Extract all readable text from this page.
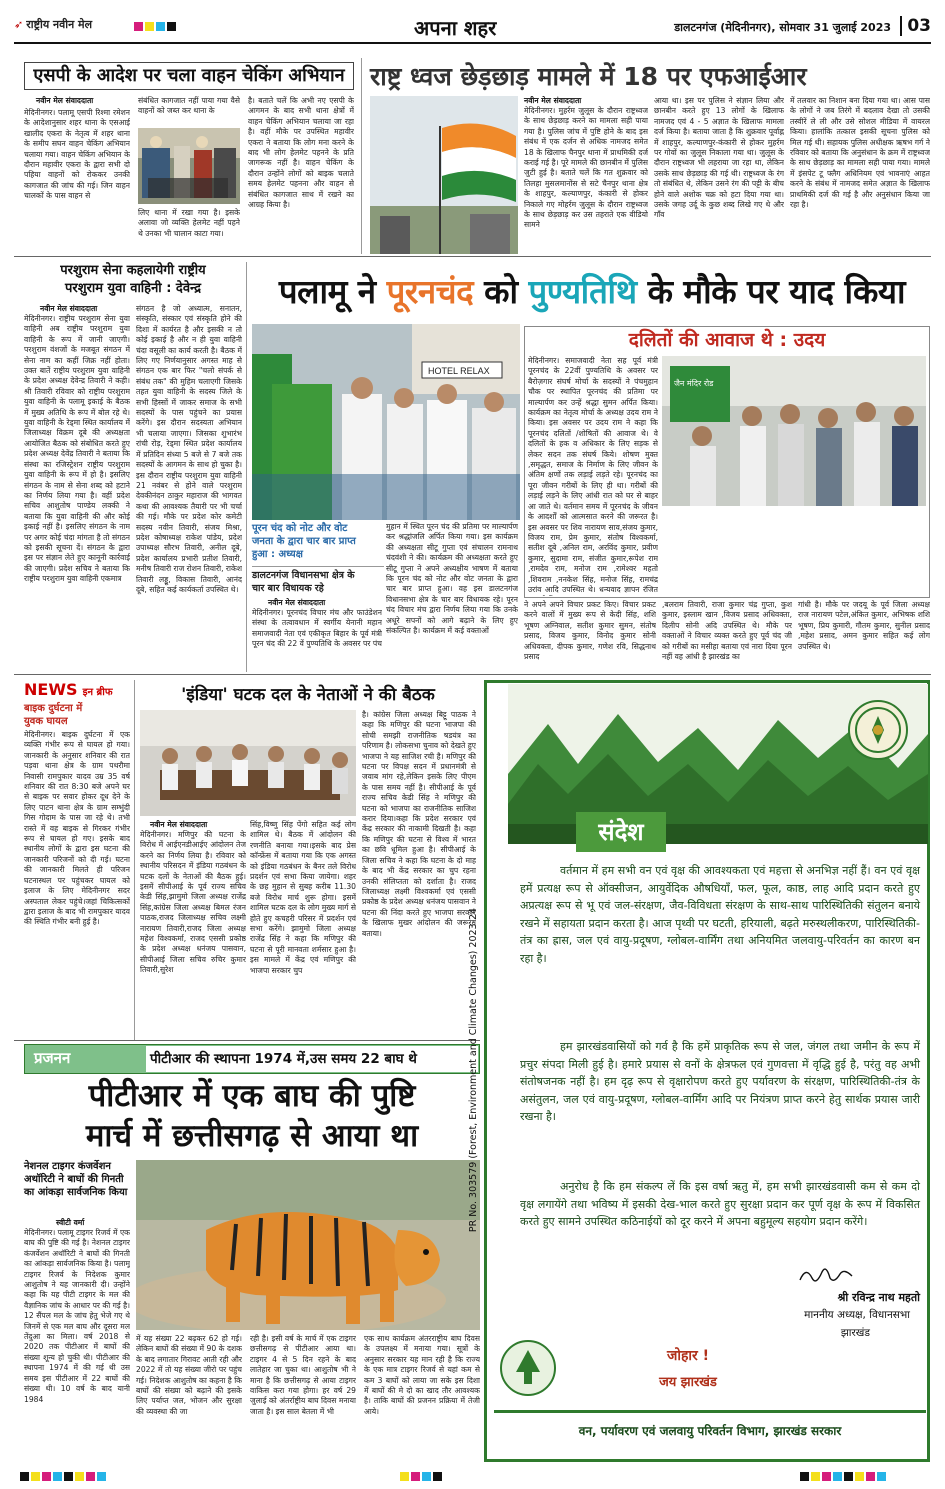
➶ राष्ट्रीय नवीन मेल	अपना शहर	डालटनगंज (मेदिनीनगर), सोमवार 31 जुलाई 2023 03
एसपी के आदेश पर चला वाहन चेकिंग अभियान
नवीन मेल संवाददाता
मेदिनीनगर। पलामू एसपी रिश्मा रमेशन के आदेशानुसार शहर थाना के एसआई खालीद एकरा के नेतृत्व में शहर थाना के समीप सघन वाहन चेकिंग अभियान चलाया गया। वाहन चेकिंग अभियान के दौरान महावीर एकरा के द्वारा सभी दो पहिया वाहनों को रोककर उनकी कागजात की जांच की गई। जिन वाहन चालकों के पास वाहन से
संबंधित कागजात नहीं पाया गया वैसे वाहनों को जब्त कर थाना के
लिए थाना में रखा गया है। इसके अलावा जो व्यक्ति हेलमेट नहीं पहने थे उनका भी चालान काटा गया।
है। बताते चलें कि अभी नए एसपी के आगमन के बाद सभी थाना क्षेत्रों में वाहन चेकिंग अभियान चलाया जा रहा है। वहीं मौके पर उपस्थित महावीर एकरा ने बताया कि लोग मना करने के बाद भी लोग हेलमेट पहनने के प्रति जागरूक नहीं है। वाहन चेकिंग के दौरान उन्होंने लोगों को बाइक चलाते समय हेलमेट पहनना और वाहन से संबंधित कागजात साथ में रखने का आग्रह किया है।
राष्ट्र ध्वज छेड़छाड़ मामले में 18 पर एफआईआर
नवीन मेल संवाददाता
मेदिनीनगर। मुहर्रम जुलूस के दौरान राष्ट्रध्वज के साथ छेड़छाड़ करने का मामला सही पाया गया है। पुलिस जांच में पुष्टि होने के बाद इस संबंध में एक दर्जन से अधिक नामजद समेत 18 के खिलाफ चैनपुर थाना में प्राथमिकी दर्ज कराई गई है। पूरे मामले की छानबीन में पुलिस जुटी हुई है। बताते चलें कि गत शुक्रवार को तिलहा मुसलमानोंस से सटे चैनपुर थाना क्षेत्र के शाहपुर, कल्याणपुर, कंकारी से होकर निकाले गए मोहर्रम जुलूस के दौरान राष्ट्रध्वज के साथ छेड़छाड़ कर उस तहराते एक वीडियो सामने
आया था। इस पर पुलिस ने संज्ञान लिया और छानबीन करते हुए 13 लोगों के खिलाफ नामजद एवं 4 - 5 अज्ञात के खिलाफ मामला दर्ज किया है। बताया जाता है कि शुक्रवार पूर्वाह्न में शाहपुर, कल्याणपुर-कंकारी से होकर मुहर्रम पर गोवों का जुलूस निकाला गया था। जुलूस के दौरान राष्ट्रध्वज भी लहराया जा रहा था, लेकिन उसके साथ छेड़छाड़ की गई थी। राष्ट्रध्वज के रंग तो संबंधित थे, लेकिन उसने रंग की पट्टी के बीच होने वाले अशोक चक्र को हटा दिया गया था। उसके जगह उर्दू के कुछ शब्द लिखे गए थे और गाँव
में तलवार का निशान बना दिया गया था। आस पास के लोगों ने जब तिरंगे में बदलाव देखा तो उसकी तस्वीरें ले ली और उसे सोशल मीडिया में वायरल किया। हालांकि तत्काल इसकी सूचना पुलिस को मिल गई थी। सहायक पुलिस अधीक्षक ऋषभ गर्ग ने रविवार को बताया कि अनुसंधान के क्रम में राष्ट्रध्वज के साथ छेड़छाड़ का मामला सही पाया गया। मामले में इंसपेट टू फ्लैग अधिनियम एवं भावनाएं आहत करने के संबंध में नामजद समेत अज्ञात के खिलाफ प्राथमिकी दर्ज की गई है और अनुसंधान किया जा रहा है।
परशुराम सेना कहलायेगी राष्ट्रीय
परशुराम युवा वाहिनी : देवेन्द्र
नवीन मेल संवाददाता
मेदिनीनगर। राष्ट्रीय परशुराम सेना युवा वाहिनी अब राष्ट्रीय परशुराम युवा वाहिनी के रूप में जानी जाएगी। परशुराम वंशजों के मजबूत संगठन में सेना नाम का कहीं जिक्र नहीं होता। उक्त बातें राष्ट्रीय परशुराम युवा वाहिनी के प्रदेश अध्यक्ष देवेन्द्र तिवारी ने कही। श्री तिवारी रविवार को राष्ट्रीय परशुराम युवा वाहिनी के पलामू इकाई के बैठक में मुख्य अतिथि के रूप में बोल रहे थे। युवा वाहिनी के रेड्मा स्थित कार्यालय में जिलाध्यक्ष विक्रम दूबे की अध्यक्षता आयोजित बैठक को संबोधित करते हुए प्रदेश अध्यक्ष देवेंद्र तिवारी ने बताया कि संस्था का रजिस्ट्रेशन राष्ट्रीय परशुराम युवा वाहिनी के रूप में हो है। इसलिए संगठन के नाम से सेना शब्द को हटाने का निर्णय लिया गया है। वहीं प्रदेश सचिव आशुतोष पाण्डेय लक्की ने बताया कि युवा वाहिनी की और कोई इकाई नहीं है। इसलिए संगठन के नाम पर अगर कोई चंदा मांगता है तो संगठन को इसकी सूचना दें। संगठन के द्वारा इस पर संज्ञान लेते हुए कानूनी कार्रवाई की जाएगी। प्रदेश सचिव ने बताया कि राष्ट्रीय परशुराम युवा वाहिनी एकमात्र
संगठन है जो अध्यात्म, सनातन, संस्कृति, संस्कार एवं संस्कृति होने की दिशा में कार्यरत है और इसकी न तो कोई इकाई है और न ही युवा वाहिनी चंदा वसूली का कार्य करती है। बैठक में लिए गए निर्णयानुसार अगस्त माह से संगठन एक बार फिर "चलो संपर्क से संबंध तक" की मुहिम चलाएगी जिसके तहत युवा वाहिनी के सदस्य जिले के सभी हिस्सों में जाकर समाज के सभी सदस्यों के पास पहुंचने का प्रयास करेंगे। इस दौरान सदस्यता अभियान भी चलाया जाएगा। जिसका शुभारंभ रांची रोड़, रेड्मा स्थित प्रदेश कार्यालय में प्रतिदिन संध्या 5 बजे से 7 बजे तक सदस्यों के आगमन के साथ हो चुका है। इस दौरान राष्ट्रीय परशुराम युवा वाहिनी 21 नवंबर से होने वाले परशुराम देवकीनंदन ठाकुर महाराज की भागवत कथा की आवश्यक तैयारी पर भी चर्चा की गई। मौके पर प्रदेश कोर कमेटी सदस्य नवीन तिवारी, संजय मिश्रा, प्रदेश कोषाध्यक्ष राकेश पांडेय, प्रदेश उपाध्यक्ष सौरभ तिवारी, अनील दूबे, प्रदेश कार्यालय प्रभारी प्रतीश तिवारी, मनीष तिवारी राज रोशन तिवारी, राकेश तिवारी लड्डू, विकास तिवारी, आनंद दूबे, सहित कई कार्यकर्ता उपस्थित थे।
पलामू ने पूरनचंद को पुण्यतिथि के मौके पर याद किया
HOTEL RELAX
पूरन चंद को नोट और वोट
जनता के द्वारा चार बार प्राप्त
हुआ : अध्यक्ष
डालटनगंज विधानसभा क्षेत्र के
चार बार विधायक रहे
नवीन मेल संवाददाता
मेदिनीनगर। पूरनचंद विचार मंच और फाउंडेशन संस्था के तत्वावधान में स्वर्गीय येनानी महान समाजवादी नेता एवं एकीकृत बिहार के पूर्व मंत्री पूरन चंद की 22 वें पुण्यतिथि के अवसर पर पंच
मुहान में स्थित पूरन चंद की प्रतिमा पर माल्यार्पण कर श्रद्धांजलि अर्पित किया गया। इस कार्यक्रम की अध्यक्षता सीटू गुप्ता एवं संचालन रामनाथ चंदवंशी ने की। कार्यक्रम की अध्यक्षता करते हुए सीटू गुप्ता ने अपने अध्यक्षीय भाषण में बताया कि पूरन चंद को नोट और वोट जनता के द्वारा चार बार प्राप्त हुआ। वह इस डालटनगंज विधानसभा क्षेत्र के चार बार विधायक रहे। पूरन चंद विचार मंच द्वारा निर्णय लिया गया कि उनके अधूरे सपनों को आगे बढ़ाने के लिए हुए संकल्पित है। कार्यक्रम में कई वक्ताओं
ने अपने अपने विचार प्रकट किए। विचार प्रकट करने वालों में मुख्य रूप से केदी सिंह, शशि भूषण अग्निवाल, सतीश कुमार सुमन, संतोष प्रसाद, विजय कुमार, विनोद कुमार सोनी अधिवक्ता, दीपक कुमार, गणेश रवि, सिद्धनाथ प्रसाद
,बलराम तिवारी, राजा कुमार चंद्र गुप्ता, कुश कुमार, इस्लाम खान ,विजय प्रसाद अधिवक्ता, दिलीप सोनी अदि उपस्थित थे। मौके पर वक्ताओं ने विचार व्यक्त करते हुए पूर्व चंद जी को गरीबों का मसीहा बताया एवं नारा दिया पूरन नहीं वह आंधी है झारखंड का
गांधी है। मौके पर जदयू के पूर्व जिला अध्यक्ष राज नारायण पटेल,अंकित कुमार, अभिषक शशि भूषण, प्रिय कुमारी, गौतम कुमार, सुनील प्रसाद ,महेश प्रसाद, अमन कुमार सहित कई लोग उपस्थित थे।
दलितों की आवाज थे : उदय
मेदिनीनगर। समाजवादी नेता सह पूर्व मंत्री पूरनचंद के 22वीं पुण्यतिथि के अवसर पर बैरोज़गार संघर्ष मोर्चा के सदस्यों ने पंचमुहान चौक पर स्थापित पूरनचंद की प्रतिमा पर माल्यार्पण कर उन्हें श्रद्धा सुमन अर्पित किया। कार्यक्रम का नेतृत्व मोर्चा के अध्यक्ष उदय राम ने किया। इस अवसर पर उदय राम ने कहा कि पूरनचंद दलितों /शोषितों की आवाज थे। वे दलितों के हक व अधिकार के लिए सड़क से लेकर सदन तक संघर्ष किये। शोषण मुक्त ,समृद्धत, समाज के निर्माण के लिए जीवन के अंतिम क्षणों तक लड़ाई लड़ते रहे। पूरनचंद का पूरा जीवन गरीबों के लिए ही था। गरीबों की लड़ाई लड़ने के लिए आंधी रात को घर से बाहर आ जाते थे। वर्तमान समय में पूरनचंद के जीवन के आदर्शों को आत्मसात करने की जरूरत है। इस अवसर पर शिव नारायण साव,संजय कुमार, विजय राम, प्रेम कुमार, संतोष विश्वकर्मा, सतीश दूबे ,अनिल राम, अरविंद कुमार, प्रवीण कुमार, सुदामा राम, संजीत कुमार,रूपेश राम ,रामदेव राम, मनोज राम ,रामेश्वर महतो ,शिवराम ,ननकेश सिंह, मनोज सिंह, रामचंद्र उरांव आदि उपस्थित थे। धन्यवाद ज्ञापन रंजित
जैन मंदिर रोड
NEWS इन ब्रीफ
बाइक दुर्घटना में
युवक घायल
मेदिनीनगर। बाइक दुर्घटना में एक व्यक्ति गंभीर रूप से घायल हो गया। जानकारी के अनुसार शनिवार की रात पड़वा थाना क्षेत्र के ग्राम पथरौमा निवासी रामपुकार यादव उम्र 35 वर्ष शनिवार की रात 8:30 बजे अपने घर से बाइक पर सवार होकर दूध देने के लिए पाटन थाना क्षेत्र के ग्राम सम्भुंदी गिस गोदाम के पास जा रहे थे। तभी रास्ते में वह बाइक से गिरकर गंभीर रूप से घायल हो गए। इसके बाद स्थानीय लोगों के द्वारा इस घटना की जानकारी परिजनों को दी गई। घटना की जानकारी मिलते ही परिजन घटनास्थल पर पहुंचकर घायल को इलाज के लिए मेदिनीनगर सदर अस्पताल लेकर पहुंचे।जहां चिकित्सकों द्वारा इलाज के बाद भी रामपुकार यादव की स्थिति गंभीर बनी हुई है।
'इंडिया' घटक दल के नेताओं ने की बैठक
नवीन मेल संवाददाता
मेदिनीनगर। मणिपुर की घटना के विरोध में आईएनडीआईए आंदोलन तेज करने का निर्णय लिया है। रविवार को स्थानीय परिसदन में इंडिया गठबंधन के घटक दलों के नेताओं की बैठक हुई। इसमें सीपीआई के पूर्व राज्य सचिव केडी सिंह,झामुमो जिला अध्यक्ष राजेंद्र सिंह,कांग्रेस जिला अध्यक्ष बिमल रंजन पाठक,राजद जिलाध्यक्ष सचिव लक्ष्मी नारायण तिवारी,राजद जिला अध्यक्ष महेश विश्वकर्मा, राजद एससी प्रकोष्ठ के प्रदेश अध्यक्ष धनंजय पासवान, सीपीआई जिला सचिव रुचिर कुमार तिवारी,सुरेश
सिंह,विष्णु सिंह पेंगो सहित कई लोग शामिल थे। बैठक में आंदोलन की रणनीति बनाया गया।इसके बाद प्रेस कॉन्फ्रेंस में बताया गया कि एक अगस्त को इंडिया गठबंधन के बैनर तले विरोध प्रदर्शन एवं सभा किया जायेगा। शहर के छह मुहान से सुबह करीब 11.30 बजे विरोध मार्च शुरू होगा। इसमें शामिल घटक दल के लोग मुख्य मार्ग से होते हुए कचहरी परिसर में प्रदर्शन एवं सभा करेंगे। झामुमो जिला अध्यक्ष राजेंद्र सिंह ने कहा कि मणिपुर की घटना से पूरी मानवता शर्मसार हुआ है। इस मामले में केंद्र एवं मणिपुर की भाजपा सरकार चुप
है। कांग्रेस जिला अध्यक्ष बिट्टू पाठक ने कहा कि मणिपुर की घटना भाजपा की सोची समझी राजनीतिक षडयंत्र का परिणाम है। लोकसभा चुनाव को देखते हुए भाजपा ने यह साजिश रची है। मणिपुर की घटना पर विपक्ष सदन में प्रधानमंत्री से जवाब मांग रहे,लेकिन इसके लिए पीएम के पास समय नहीं है। सीपीआई के पूर्व राज्य सचिव केडी सिंह ने मणिपुर की घटना को भाजपा का राजनीतिक साजिश करार दिया।कहा कि प्रदेश सरकार एवं केंद्र सरकार की नाकामी दिखती है। कहा कि मणिपुर की घटना से विश्व में भारत का छवि धूमिल हुआ है। सीपीआई के जिला सचिव ने कहा कि घटना के दो माह के बाद भी केंद्र सरकार का चुप रहना उनकी संलिप्तता को दर्शाता है। राजद जिलाध्यक्ष लक्ष्मी विश्वकर्मा एवं एससी प्रकोष्ठ के प्रदेश अध्यक्ष धनंजय पासवान ने घटना की निंदा करते हुए भाजपा सरकार के खिलाफ मुखर आंदोलन की जरूरत बताया।
प्रजनन	पीटीआर की स्थापना 1974 में,उस समय 22 बाघ थे
पीटीआर में एक बाघ की पुष्टि
मार्च में छत्तीसगढ़ से आया था
नेशनल टाइगर कंजर्वेशन अथॉरिटी ने बाघों की गिनती का आंकड़ा सार्वजनिक किया
स्वीटी वर्मा
मेदिनीनगर। पलामू टाइगर रिजर्व में एक बाघ की पुष्टि की गई है। नेशनल टाइगर कंजर्वेशन अथॉरिटी ने बाघों की गिनती का आंकड़ा सार्वजनिक किया है। पलामू टाइगर रिजर्व के निदेशक कुमार आशुतोष ने यह जानकारी दी। उन्होंने कहा कि यह पीटी टाइगर के मल की वैज्ञानिक जांच के आधार पर की गई है। 12 सैंपल मल के जांच हेतु भेजे गए थे जिनमें से एक मल बाघ और दूसरा मल तेंदुआ का मिला। वर्ष 2018 से 2020 तक पीटीआर में बाघों की संख्या शून्य हो चुकी थी। पीटीआर की स्थापना 1974 में की गई थी उस समय इस पीटीआर में 22 बाघों की संख्या थी। 10 वर्ष के बाद यानी 1984
में यह संख्या 22 बढ़कर 62 हो गई। लेकिन बाघों की संख्या में 90 के दशक के बाद लगातार गिरावट आती रही और 2022 में तो यह संख्या जीरो पर पहुंच गई। निदेशक आशुतोष का कहना है कि बाघों की संख्या को बढ़ाने की इसके लिए पर्याप्त जल, भोजन और सुरक्षा की व्यवस्था की जा
रही है। इसी वर्ष के मार्च में एक टाइगर छत्तीसगढ़ से पीटीआर आया था। टाइगर 4 से 5 दिन रहने के बाद लातेहार जा चुका था। आशुतोष भी ने माना है कि छत्तीसगढ़ से आया टाइगर वाकिस करा गया होगा। हर वर्ष 29 जुलाई को अंतर्राष्ट्रीय बाघ दिवस मनाया जाता है। इस साल बेतला में भी
एक साथ कार्यक्रम अंतरराष्ट्रीय बाघ दिवस के उपलक्ष्य में मनाया गया। सूत्रों के अनुसार सरकार यह मान रही है कि राज्य के एक मात्र टाइगर रिजर्व से यहां कम से कम 3 बाघों को लाया जा सके इस दिशा में बाघों की मे दो का खाद तौर आवश्यक है। ताकि बाघों की प्रजनन प्रक्रिया में तेजी आये।
PR No. 303579 (Forest, Environment and Climate Changes) 2023-24
संदेश
वर्तमान में हम सभी वन एवं वृक्ष की आवश्यकता एवं महत्ता से अनभिज्ञ नहीं हैं। वन एवं वृक्ष हमें प्रत्यक्ष रूप से ऑक्सीजन, आयुर्वेदिक औषधियाँ, फल, फूल, काष्ठ, लाह आदि प्रदान करते हुए अप्रत्यक्ष रूप से भू एवं जल-संरक्षण, जैव-विविधता संरक्षण के साथ-साथ पारिस्थितिकी संतुलन बनाये रखने में सहायता प्रदान करता है। आज पृथ्वी पर घटती, हरियाली, बढ़ते मरुस्थलीकरण, पारिस्थितिकी-तंत्र का ह्रास, जल एवं वायु-प्रदूषण, ग्लोबल-वार्मिंग तथा अनियमित जलवायु-परिवर्तन का कारण बन रहा है।
हम झारखंडवासियों को गर्व है कि हमें प्राकृतिक रूप से जल, जंगल तथा जमीन के रूप में प्रचुर संपदा मिली हुई है। हमारे प्रयास से वनों के क्षेत्रफल एवं गुणवत्ता में वृद्धि हुई है, परंतु वह अभी संतोषजनक नहीं है। हम दृढ़ रूप से वृक्षारोपण करते हुए पर्यावरण के संरक्षण, पारिस्थितिकी-तंत्र के असंतुलन, जल एवं वायु-प्रदूषण, ग्लोबल-वार्मिंग आदि पर नियंत्रण प्राप्त करने हेतु सार्थक प्रयास जारी रखना है।
अनुरोध है कि हम संकल्प लें कि इस वर्षा ऋतु में, हम सभी झारखंडवासी कम से कम दो वृक्ष लगायेंगे तथा भविष्य में इसकी देख-भाल करते हुए सुरक्षा प्रदान कर पूर्ण वृक्ष के रूप में विकसित करते हुए सामने उपस्थित कठिनाईयों को दूर करने में अपना बहुमूल्य सहयोग प्रदान करेंगे।
श्री रविन्द्र नाथ महतो
माननीय अध्यक्ष, विधानसभा
झारखंड
जोहार !
जय झारखंड
वन, पर्यावरण एवं जलवायु परिवर्तन विभाग, झारखंड सरकार
